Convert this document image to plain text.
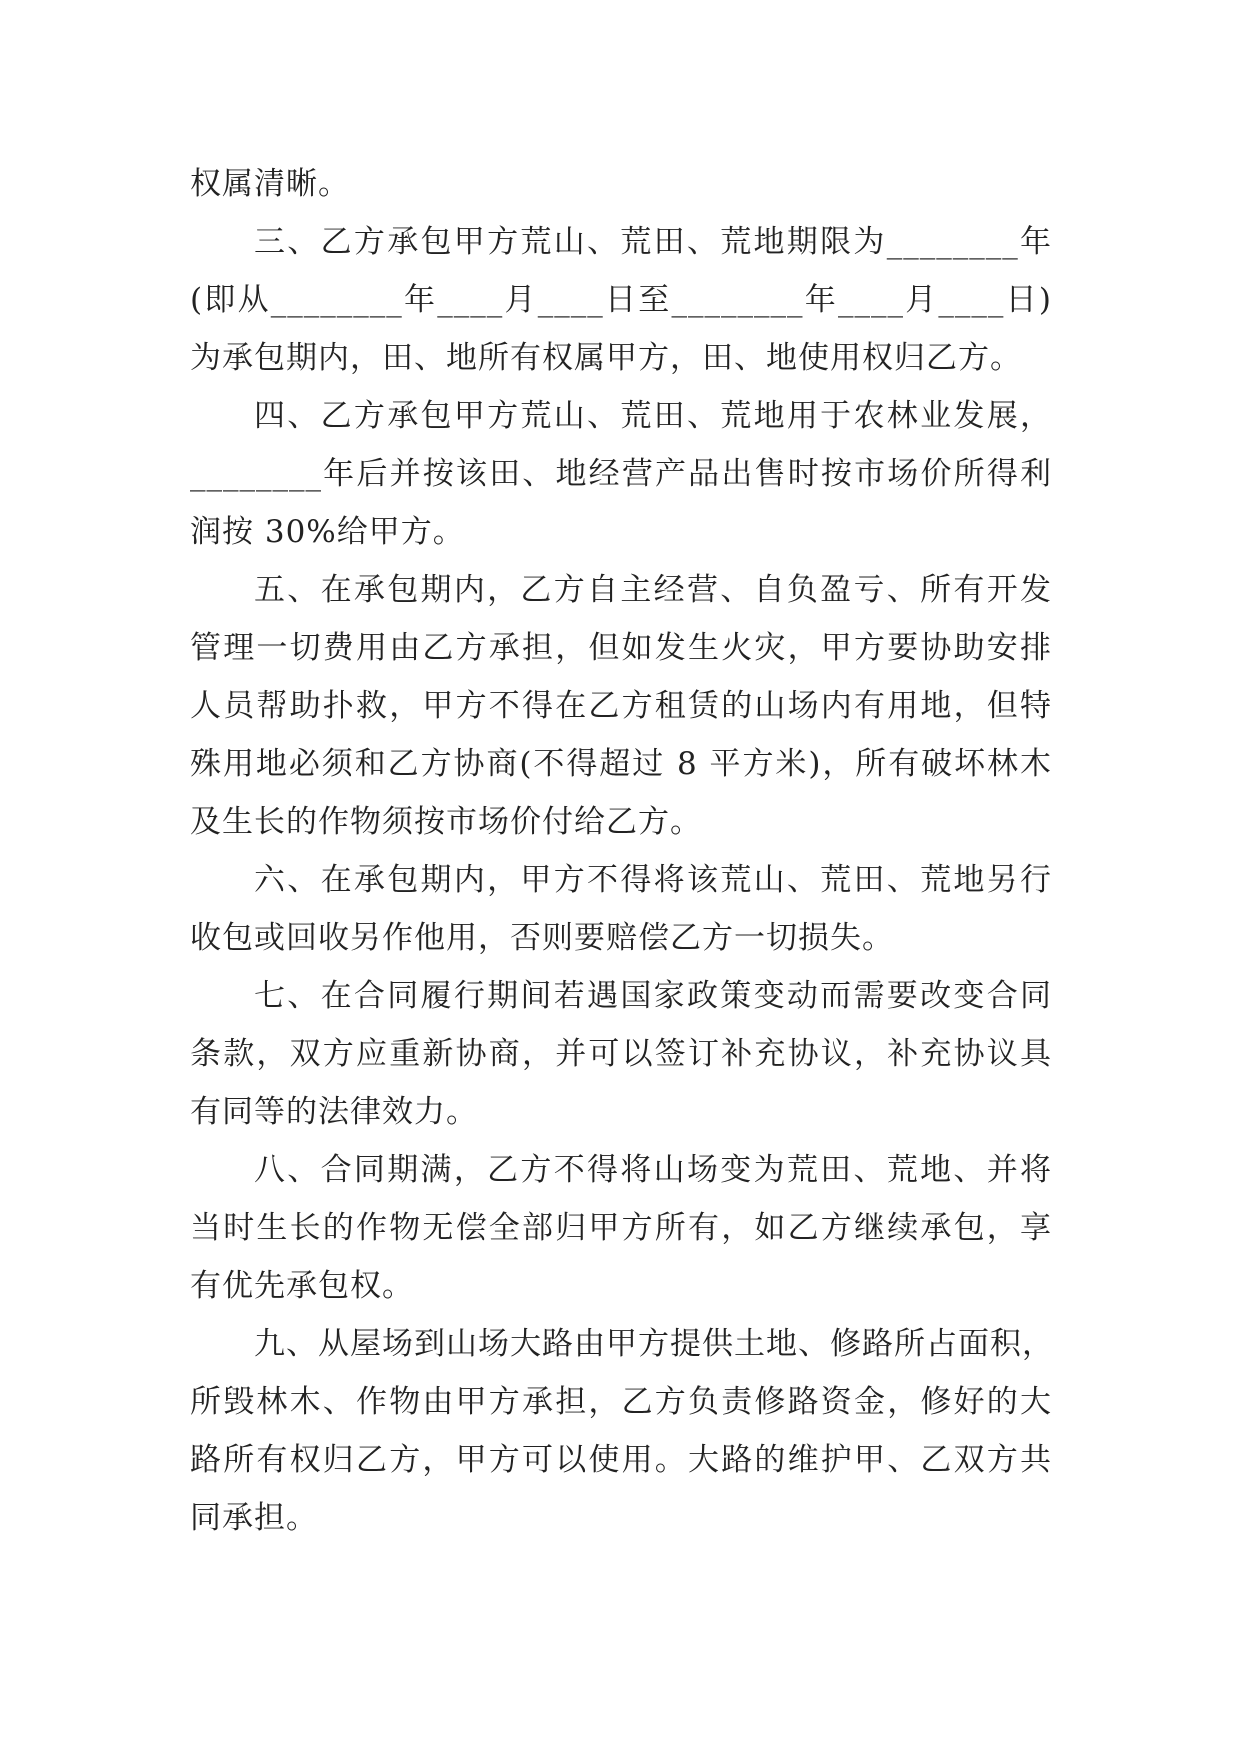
权属清晰。
三、乙方承包甲方荒山、荒田、荒地期限为________年
(即从________年____月____日至________年____月____日)
为承包期内，田、地所有权属甲方，田、地使用权归乙方。
四、乙方承包甲方荒山、荒田、荒地用于农林业发展，
________年后并按该田、地经营产品出售时按市场价所得利
润按 30%给甲方。
五、在承包期内，乙方自主经营、自负盈亏、所有开发
管理一切费用由乙方承担，但如发生火灾，甲方要协助安排
人员帮助扑救，甲方不得在乙方租赁的山场内有用地，但特
殊用地必须和乙方协商(不得超过 8 平方米)，所有破坏林木
及生长的作物须按市场价付给乙方。
六、在承包期内，甲方不得将该荒山、荒田、荒地另行
收包或回收另作他用，否则要赔偿乙方一切损失。
七、在合同履行期间若遇国家政策变动而需要改变合同
条款，双方应重新协商，并可以签订补充协议，补充协议具
有同等的法律效力。
八、合同期满，乙方不得将山场变为荒田、荒地、并将
当时生长的作物无偿全部归甲方所有，如乙方继续承包，享
有优先承包权。
九、从屋场到山场大路由甲方提供土地、修路所占面积，
所毁林木、作物由甲方承担，乙方负责修路资金，修好的大
路所有权归乙方，甲方可以使用。大路的维护甲、乙双方共
同承担。
